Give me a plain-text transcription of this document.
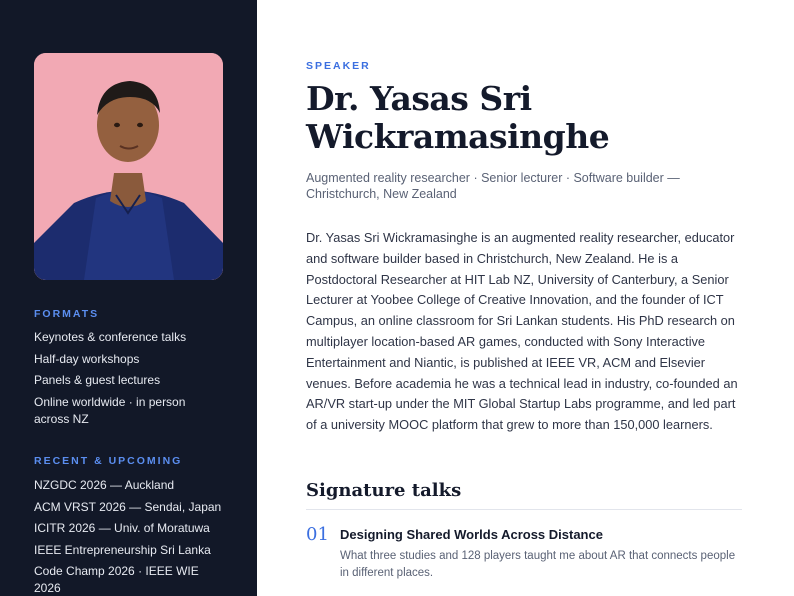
FORMATS
Keynotes & conference talks
Half-day workshops
Panels & guest lectures
Online worldwide · in person across NZ
RECENT & UPCOMING
NZGDC 2026 — Auckland
ACM VRST 2026 — Sendai, Japan
ICITR 2026 — Univ. of Moratuwa
IEEE Entrepreneurship Sri Lanka
Code Champ 2026 · IEEE WIE 2026
SPEAKER
Dr. Yasas Sri
Wickramasinghe

Augmented reality researcher · Senior lecturer · Software builder — Christchurch, New Zealand

Dr. Yasas Sri Wickramasinghe is an augmented reality researcher, educator and software builder based in Christchurch, New Zealand. He is a Postdoctoral Researcher at HIT Lab NZ, University of Canterbury, a Senior Lecturer at Yoobee College of Creative Innovation, and the founder of ICT Campus, an online classroom for Sri Lankan students. His PhD research on multiplayer location-based AR games, conducted with Sony Interactive Entertainment and Niantic, is published at IEEE VR, ACM and Elsevier venues. Before academia he was a technical lead in industry, co-founded an AR/VR start-up under the MIT Global Startup Labs programme, and led part of a university MOOC platform that grew to more than 150,000 learners.

Signature talks
01 Designing Shared Worlds Across Distance
What three studies and 128 players taught me about AR that connects people in different places.
